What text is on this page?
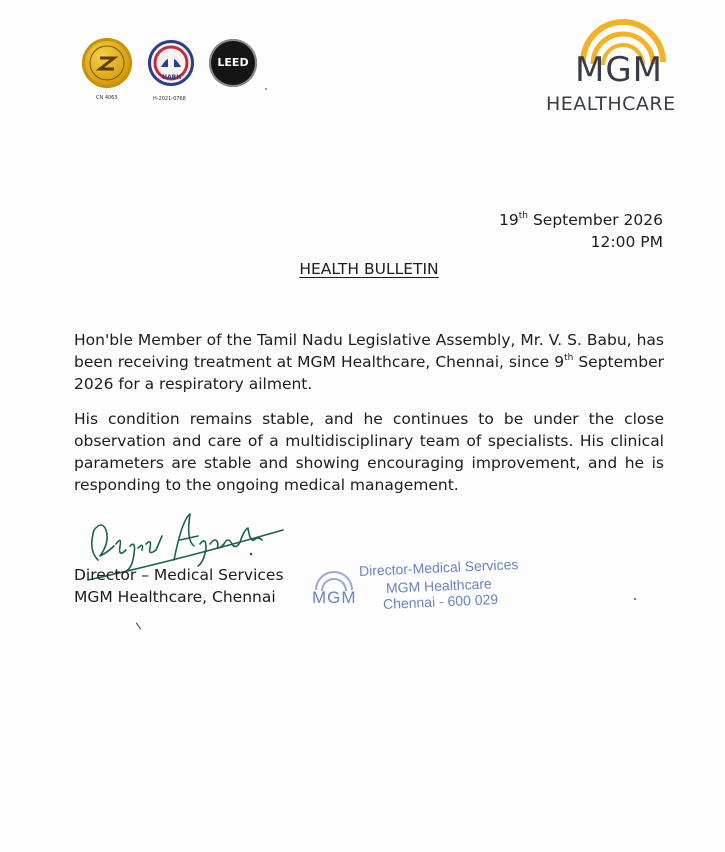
CN 4063
NABH
H-2021-0768
LEED	MGM
HEALTHCARE
19th September 2026
12:00 PM
HEALTH BULLETIN
Hon'ble Member of the Tamil Nadu Legislative Assembly, Mr. V. S. Babu, has
been receiving treatment at MGM Healthcare, Chennai, since 9th September
2026 for a respiratory ailment.
His condition remains stable, and he continues to be under the close
observation and care of a multidisciplinary team of specialists. His clinical
parameters are stable and showing encouraging improvement, and he is
responding to the ongoing medical management.
Director – Medical Services
MGM Healthcare, Chennai MGM
Director-Medical Services
MGM Healthcare
Chennai - 600 029
